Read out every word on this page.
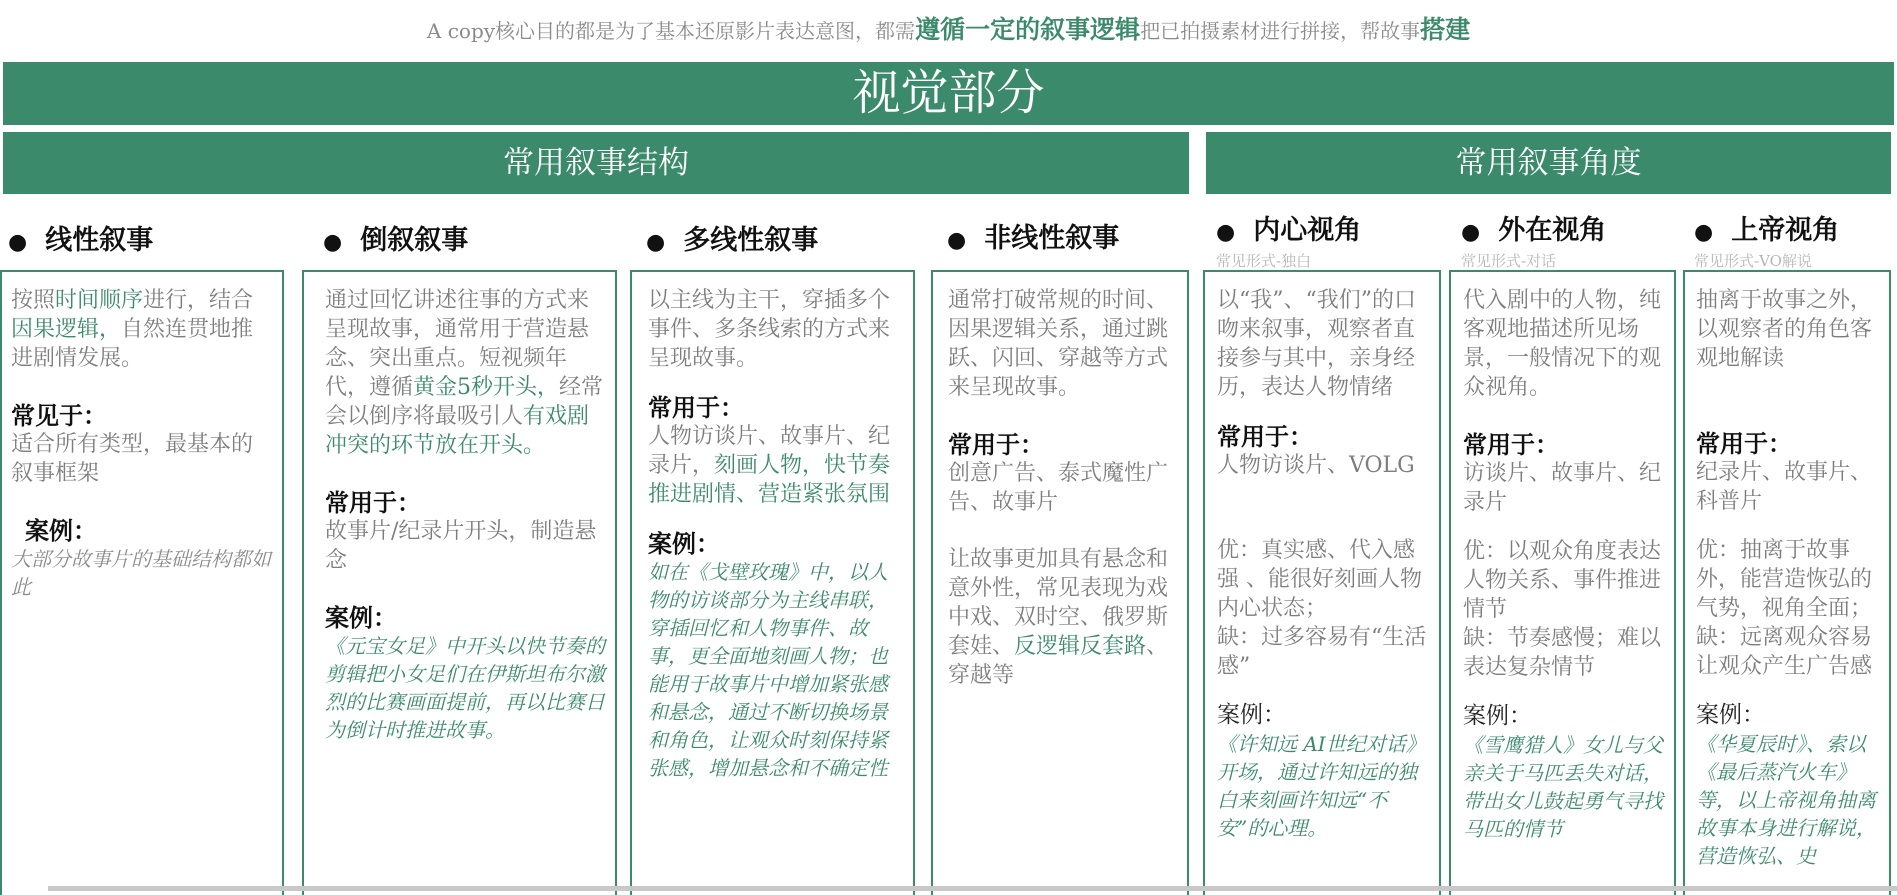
A copy核心目的都是为了基本还原影片表达意图，都需遵循一定的叙事逻辑把已拍摄素材进行拼接，帮故事搭建
视觉部分
常用叙事结构	常用叙事角度
● 线性叙事

按照时间顺序进行，结合因果逻辑，自然连贯地推进剧情发展。

常见于：

适合所有类型，最基本的叙事框架

案例：

大部分故事片的基础结构都如此

● 倒叙叙事

通过回忆讲述往事的方式来呈现故事，通常用于营造悬念、突出重点。短视频年代，遵循黄金5秒开头，经常会以倒序将最吸引人有戏剧冲突的环节放在开头。

常用于：

故事片/纪录片开头，制造悬念

案例：

《元宝女足》中开头以快节奏的剪辑把小女足们在伊斯坦布尔激烈的比赛画面提前，再以比赛日为倒计时推进故事。

● 多线性叙事

以主线为主干，穿插多个事件、多条线索的方式来呈现故事。

常用于：

人物访谈片、故事片、纪录片，刻画人物，快节奏推进剧情、营造紧张氛围

案例：

如在《戈壁玫瑰》中，以人物的访谈部分为主线串联，穿插回忆和人物事件、故事，更全面地刻画人物；也能用于故事片中增加紧张感和悬念，通过不断切换场景和角色，让观众时刻保持紧张感，增加悬念和不确定性

● 非线性叙事

通常打破常规的时间、因果逻辑关系，通过跳跃、闪回、穿越等方式来呈现故事。

常用于：

创意广告、泰式魔性广告、故事片

让故事更加具有悬念和意外性，常见表现为戏中戏、双时空、俄罗斯套娃、反逻辑反套路、穿越等

● 内心视角
常见形式-独白

以“我”、“我们”的口吻来叙事，观察者直接参与其中，亲身经历，表达人物情绪

常用于：

人物访谈片、VOLG

优：真实感、代入感强 、能很好刻画人物内心状态；

缺：过多容易有“生活感”

案例：

《许知远 AI世纪对话》开场，通过许知远的独白来刻画许知远“不安”的心理。

● 外在视角
常见形式-对话

代入剧中的人物，纯客观地描述所见场景，一般情况下的观众视角。

常用于：

访谈片、故事片、纪录片

优：以观众角度表达人物关系、事件推进情节

缺：节奏感慢；难以表达复杂情节

案例：

《雪鹰猎人》女儿与父亲关于马匹丢失对话，带出女儿鼓起勇气寻找马匹的情节

● 上帝视角
常见形式-VO解说

抽离于故事之外，以观察者的角色客观地解读

常用于：

纪录片、故事片、科普片

优：抽离于故事外，能营造恢弘的气势，视角全面；

缺：远离观众容易让观众产生广告感

案例：

《华夏辰时》、索以《最后蒸汽火车》等，以上帝视角抽离故事本身进行解说，营造恢弘、史
